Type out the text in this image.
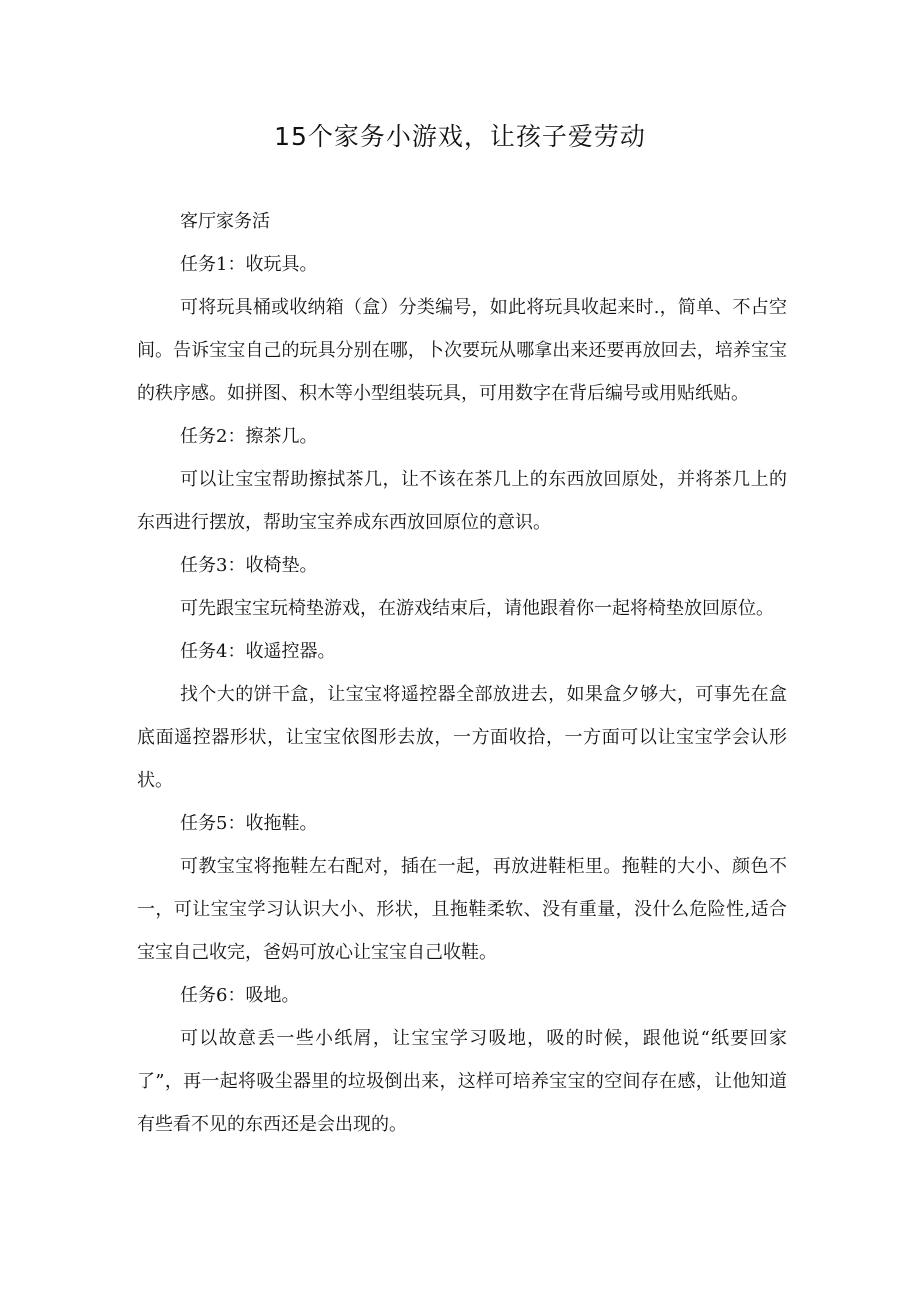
15个家务小游戏，让孩子爱劳动

客厅家务活

任务1：收玩具。

可将玩具桶或收纳箱（盒）分类编号，如此将玩具收起来时.，简单、不占空间。告诉宝宝自己的玩具分别在哪，卜次要玩从哪拿出来还要再放回去，培养宝宝的秩序感。如拼图、积木等小型组装玩具，可用数字在背后编号或用贴纸贴。

任务2：擦茶几。

可以让宝宝帮助擦拭茶几，让不该在茶几上的东西放回原处，并将茶几上的东西进行摆放，帮助宝宝养成东西放回原位的意识。

任务3：收椅垫。

可先跟宝宝玩椅垫游戏，在游戏结束后，请他跟着你一起将椅垫放回原位。

任务4：收遥控器。

找个大的饼干盒，让宝宝将遥控器全部放进去，如果盒夕够大，可事先在盒底面遥控器形状，让宝宝依图形去放，一方面收拾，一方面可以让宝宝学会认形状。

任务5：收拖鞋。

可教宝宝将拖鞋左右配对，插在一起，再放进鞋柜里。拖鞋的大小、颜色不一，可让宝宝学习认识大小、形状，且拖鞋柔软、没有重量，没什么危险性,适合宝宝自己收完，爸妈可放心让宝宝自己收鞋。

任务6：吸地。

可以故意丢一些小纸屑，让宝宝学习吸地，吸的时候，跟他说“纸要回家了”，再一起将吸尘器里的垃圾倒出来，这样可培养宝宝的空间存在感，让他知道有些看不见的东西还是会出现的。
